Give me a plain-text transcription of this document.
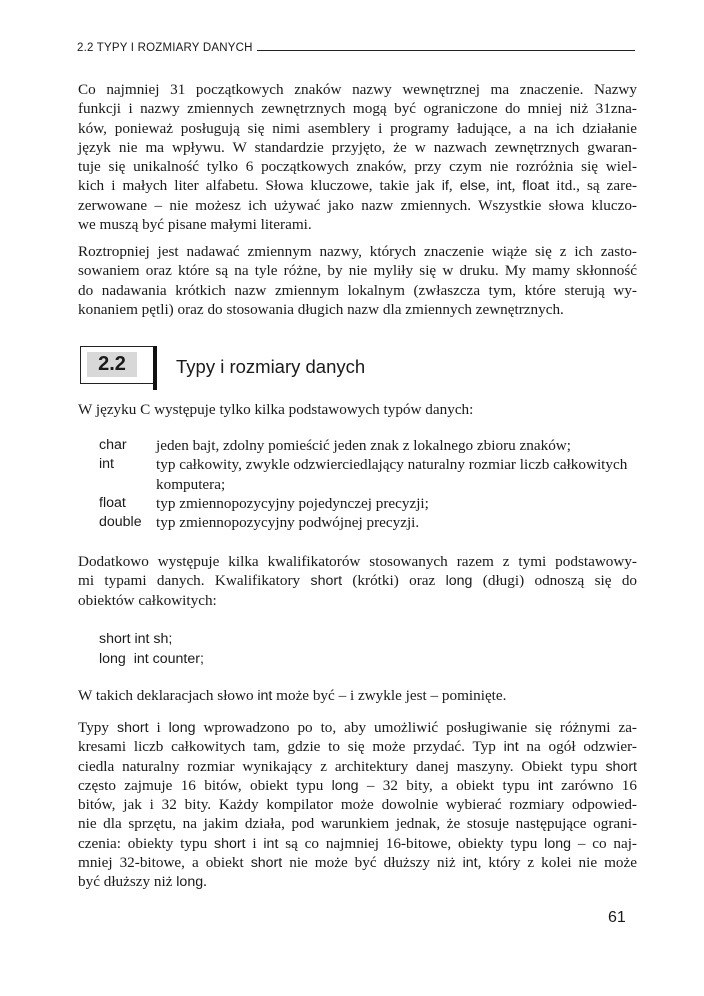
2.2 TYPY I ROZMIARY DANYCH
Co najmniej 31 początkowych znaków nazwy wewnętrznej ma znaczenie. Nazwy
funkcji i nazwy zmiennych zewnętrznych mogą być ograniczone do mniej niż 31zna-
ków, ponieważ posługują się nimi asemblery i programy ładujące, a na ich działanie
język nie ma wpływu. W standardzie przyjęto, że w nazwach zewnętrznych gwaran-
tuje się unikalność tylko 6 początkowych znaków, przy czym nie rozróżnia się wiel-
kich i małych liter alfabetu. Słowa kluczowe, takie jak if, else, int, float itd., są zare-
zerwowane – nie możesz ich używać jako nazw zmiennych. Wszystkie słowa kluczo-
we muszą być pisane małymi literami.
Roztropniej jest nadawać zmiennym nazwy, których znaczenie wiąże się z ich zasto-
sowaniem oraz które są na tyle różne, by nie myliły się w druku. My mamy skłonność
do nadawania krótkich nazw zmiennym lokalnym (zwłaszcza tym, które sterują wy-
konaniem pętli) oraz do stosowania długich nazw dla zmiennych zewnętrznych.
2.2	Typy i rozmiary danych
W języku C występuje tylko kilka podstawowych typów danych:
char	jeden bajt, zdolny pomieścić jeden znak z lokalnego zbioru znaków;
int	typ całkowity, zwykle odzwierciedlający naturalny rozmiar liczb całkowitych
komputera;
float	typ zmiennopozycyjny pojedynczej precyzji;
double typ zmiennopozycyjny podwójnej precyzji.
Dodatkowo występuje kilka kwalifikatorów stosowanych razem z tymi podstawowy-
mi typami danych. Kwalifikatory short (krótki) oraz long (długi) odnoszą się do
obiektów całkowitych:
short int sh;
long  int counter;
W takich deklaracjach słowo int może być – i zwykle jest – pominięte.
Typy short i long wprowadzono po to, aby umożliwić posługiwanie się różnymi za-
kresami liczb całkowitych tam, gdzie to się może przydać. Typ int na ogół odzwier-
ciedla naturalny rozmiar wynikający z architektury danej maszyny. Obiekt typu short
często zajmuje 16 bitów, obiekt typu long – 32 bity, a obiekt typu int zarówno 16
bitów, jak i 32 bity. Każdy kompilator może dowolnie wybierać rozmiary odpowied-
nie dla sprzętu, na jakim działa, pod warunkiem jednak, że stosuje następujące ograni-
czenia: obiekty typu short i int są co najmniej 16-bitowe, obiekty typu long – co naj-
mniej 32-bitowe, a obiekt short nie może być dłuższy niż int, który z kolei nie może
być dłuższy niż long.
61
